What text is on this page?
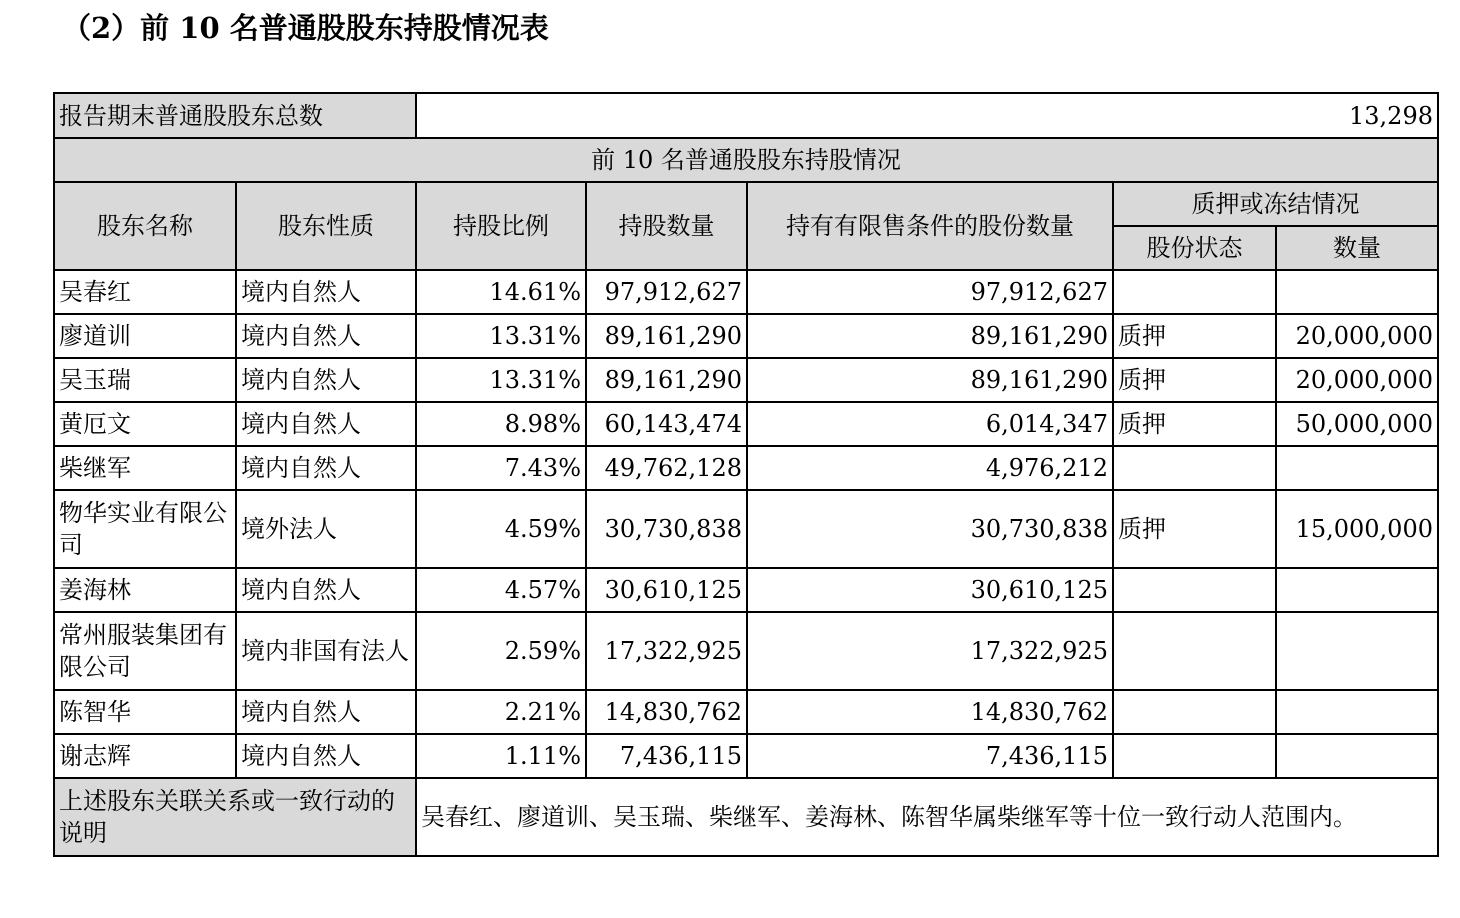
（2）前 10 名普通股股东持股情况表
报告期末普通股股东总数		13,298				
前 10 名普通股股东持股情况						
股东名称	股东性质	持股比例	持股数量	持有有限售条件的股份数量	质押或冻结情况	
					股份状态	数量
吴春红	境内自然人	14.61%	97,912,627	97,912,627		
廖道训	境内自然人	13.31%	89,161,290	89,161,290	质押	20,000,000
吴玉瑞	境内自然人	13.31%	89,161,290	89,161,290	质押	20,000,000
黄厄文	境内自然人	8.98%	60,143,474	6,014,347	质押	50,000,000
柴继军	境内自然人	7.43%	49,762,128	4,976,212		
物华实业有限公司	境外法人	4.59%	30,730,838	30,730,838	质押	15,000,000
姜海林	境内自然人	4.57%	30,610,125	30,610,125		
常州服装集团有限公司	境内非国有法人	2.59%	17,322,925	17,322,925		
陈智华	境内自然人	2.21%	14,830,762	14,830,762		
谢志辉	境内自然人	1.11%	7,436,115	7,436,115		
上述股东关联关系或一致行动的说明		吴春红、廖道训、吴玉瑞、柴继军、姜海林、陈智华属柴继军等十位一致行动人范围内。				
